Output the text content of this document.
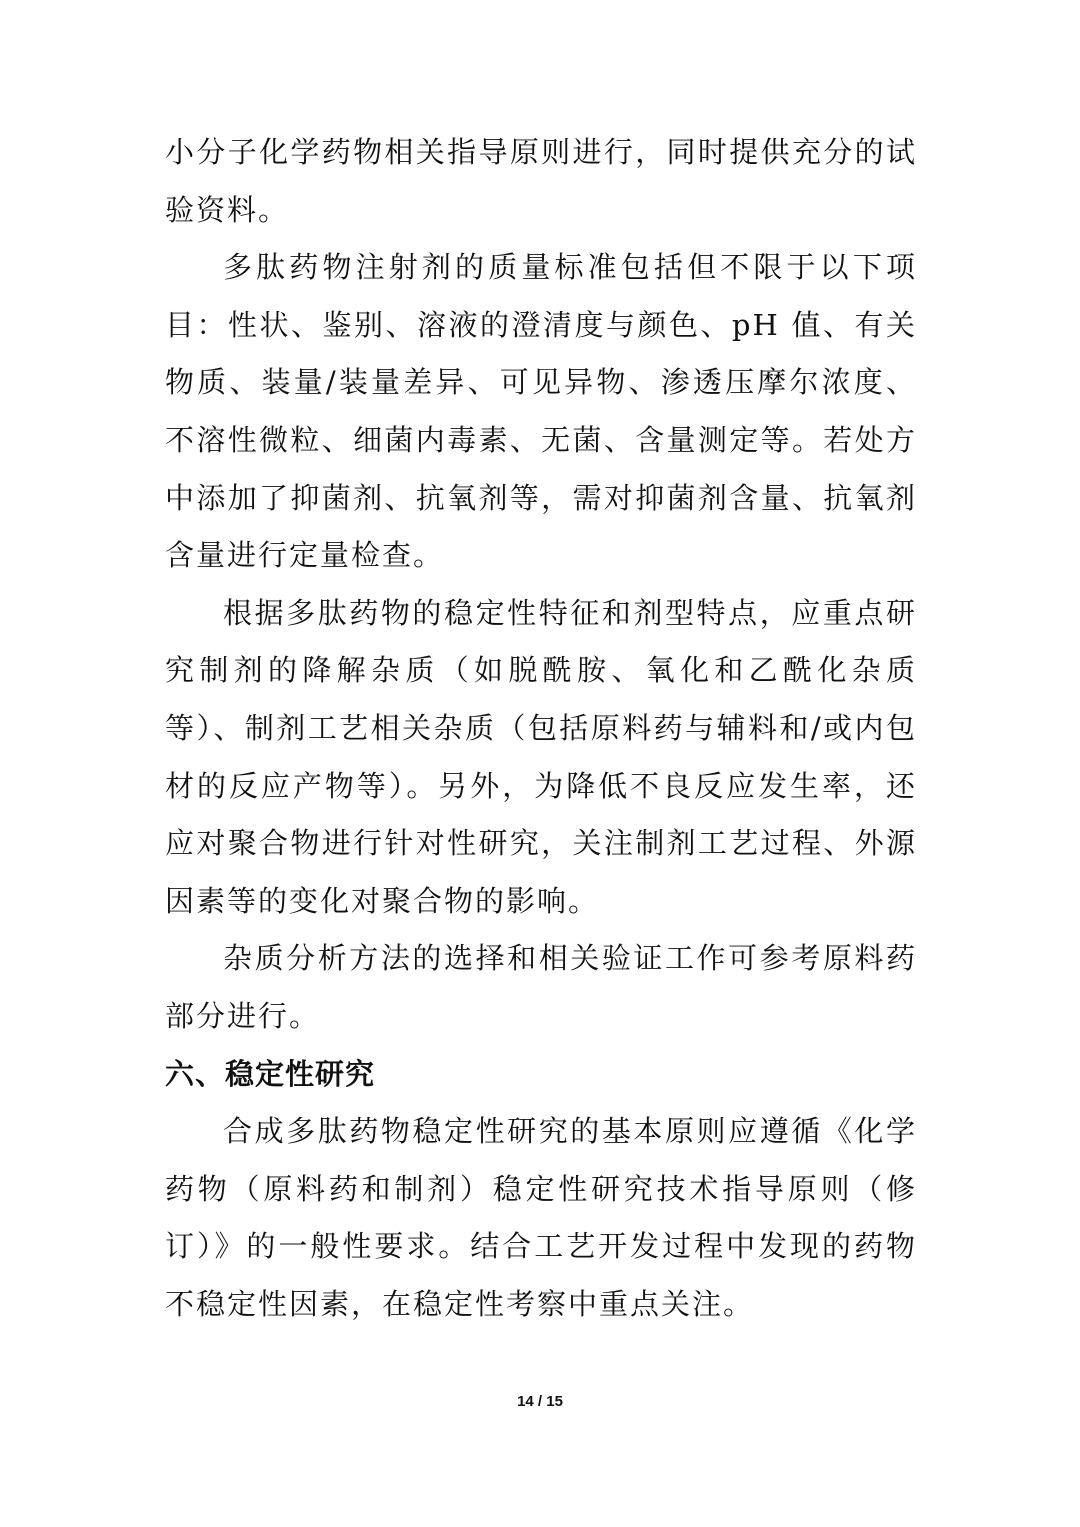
小分子化学药物相关指导原则进行，同时提供充分的试验资料。

多肽药物注射剂的质量标准包括但不限于以下项目：性状、鉴别、溶液的澄清度与颜色、pH 值、有关物质、装量/装量差异、可见异物、渗透压摩尔浓度、不溶性微粒、细菌内毒素、无菌、含量测定等。若处方中添加了抑菌剂、抗氧剂等，需对抑菌剂含量、抗氧剂含量进行定量检查。

根据多肽药物的稳定性特征和剂型特点，应重点研究制剂的降解杂质（如脱酰胺、氧化和乙酰化杂质等）、制剂工艺相关杂质（包括原料药与辅料和/或内包材的反应产物等）。另外，为降低不良反应发生率，还应对聚合物进行针对性研究，关注制剂工艺过程、外源因素等的变化对聚合物的影响。

杂质分析方法的选择和相关验证工作可参考原料药部分进行。

六、稳定性研究

合成多肽药物稳定性研究的基本原则应遵循《化学药物（原料药和制剂）稳定性研究技术指导原则（修订）》的一般性要求。结合工艺开发过程中发现的药物不稳定性因素，在稳定性考察中重点关注。

14 / 15
